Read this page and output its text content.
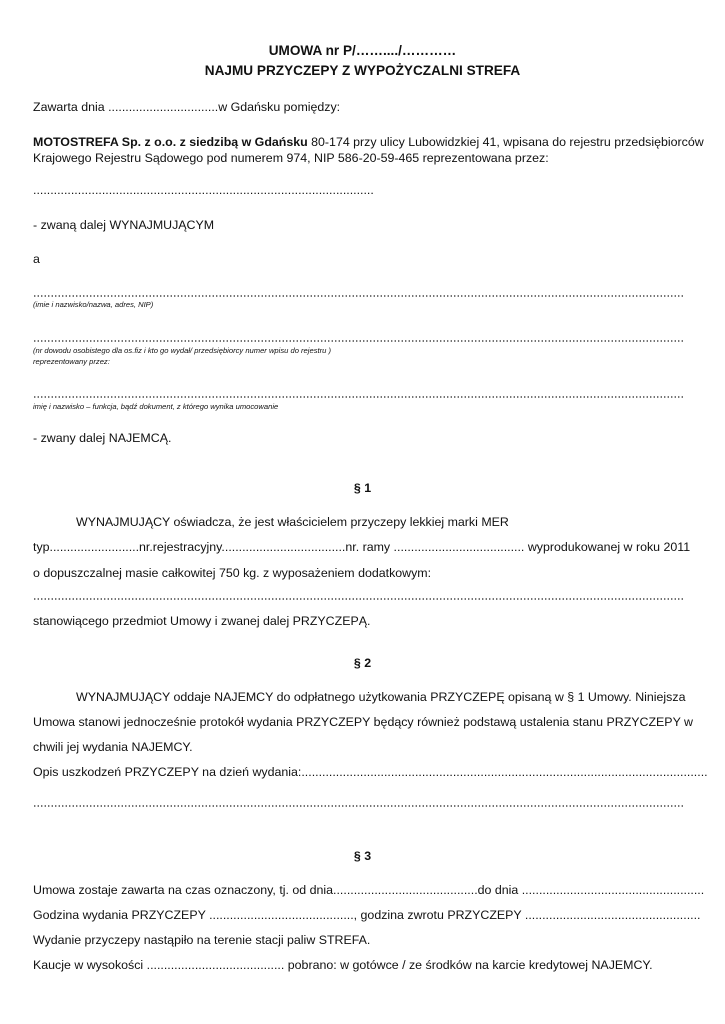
UMOWA nr P/……..../…………
NAJMU PRZYCZEPY Z WYPOŻYCZALNI STREFA
Zawarta dnia ................................w Gdańsku pomiędzy:
MOTOSTREFA Sp. z o.o. z siedzibą w Gdańsku 80-174 przy ulicy Lubowidzkiej 41, wpisana do rejestru przedsiębiorców
Krajowego Rejestru Sądowego pod numerem 974, NIP 586-20-59-465 reprezentowana przez:
...................................................................................................
- zwaną dalej WYNAJMUJĄCYM
a
(imie i nazwisko/nazwa, adres, NIP)
(nr dowodu osobistego dla os.fiz i kto go wydał/ przedsiębiorcy numer wpisu do rejestru )
reprezentowany przez:
imię i nazwisko – funkcja, bądź dokument, z którego wynika umocowanie
- zwany dalej NAJEMCĄ.
§ 1
WYNAJMUJĄCY oświadcza, że jest właścicielem przyczepy lekkiej marki MER
typ..........................nr.rejestracyjny....................................nr. ramy ...................................... wyprodukowanej w roku 2011
o dopuszczalnej masie całkowitej 750 kg. z wyposażeniem dodatkowym:
stanowiącego przedmiot Umowy i zwanej dalej PRZYCZEPĄ.
§ 2
WYNAJMUJĄCY oddaje NAJEMCY do odpłatnego użytkowania PRZYCZEPĘ opisaną w § 1 Umowy. Niniejsza
Umowa stanowi jednocześnie protokół wydania PRZYCZEPY będący również podstawą ustalenia stanu PRZYCZEPY w
chwili jej wydania NAJEMCY.
Opis uszkodzeń PRZYCZEPY na dzień wydania:......................................................................................................................
§ 3
Umowa zostaje zawarta na czas oznaczony, tj. od dnia..........................................do dnia .....................................................
Godzina wydania PRZYCZEPY .........................................., godzina zwrotu PRZYCZEPY ...................................................
Wydanie przyczepy nastąpiło na terenie stacji paliw STREFA.
Kaucje w wysokości ........................................ pobrano: w gotówce / ze środków na karcie kredytowej NAJEMCY.
